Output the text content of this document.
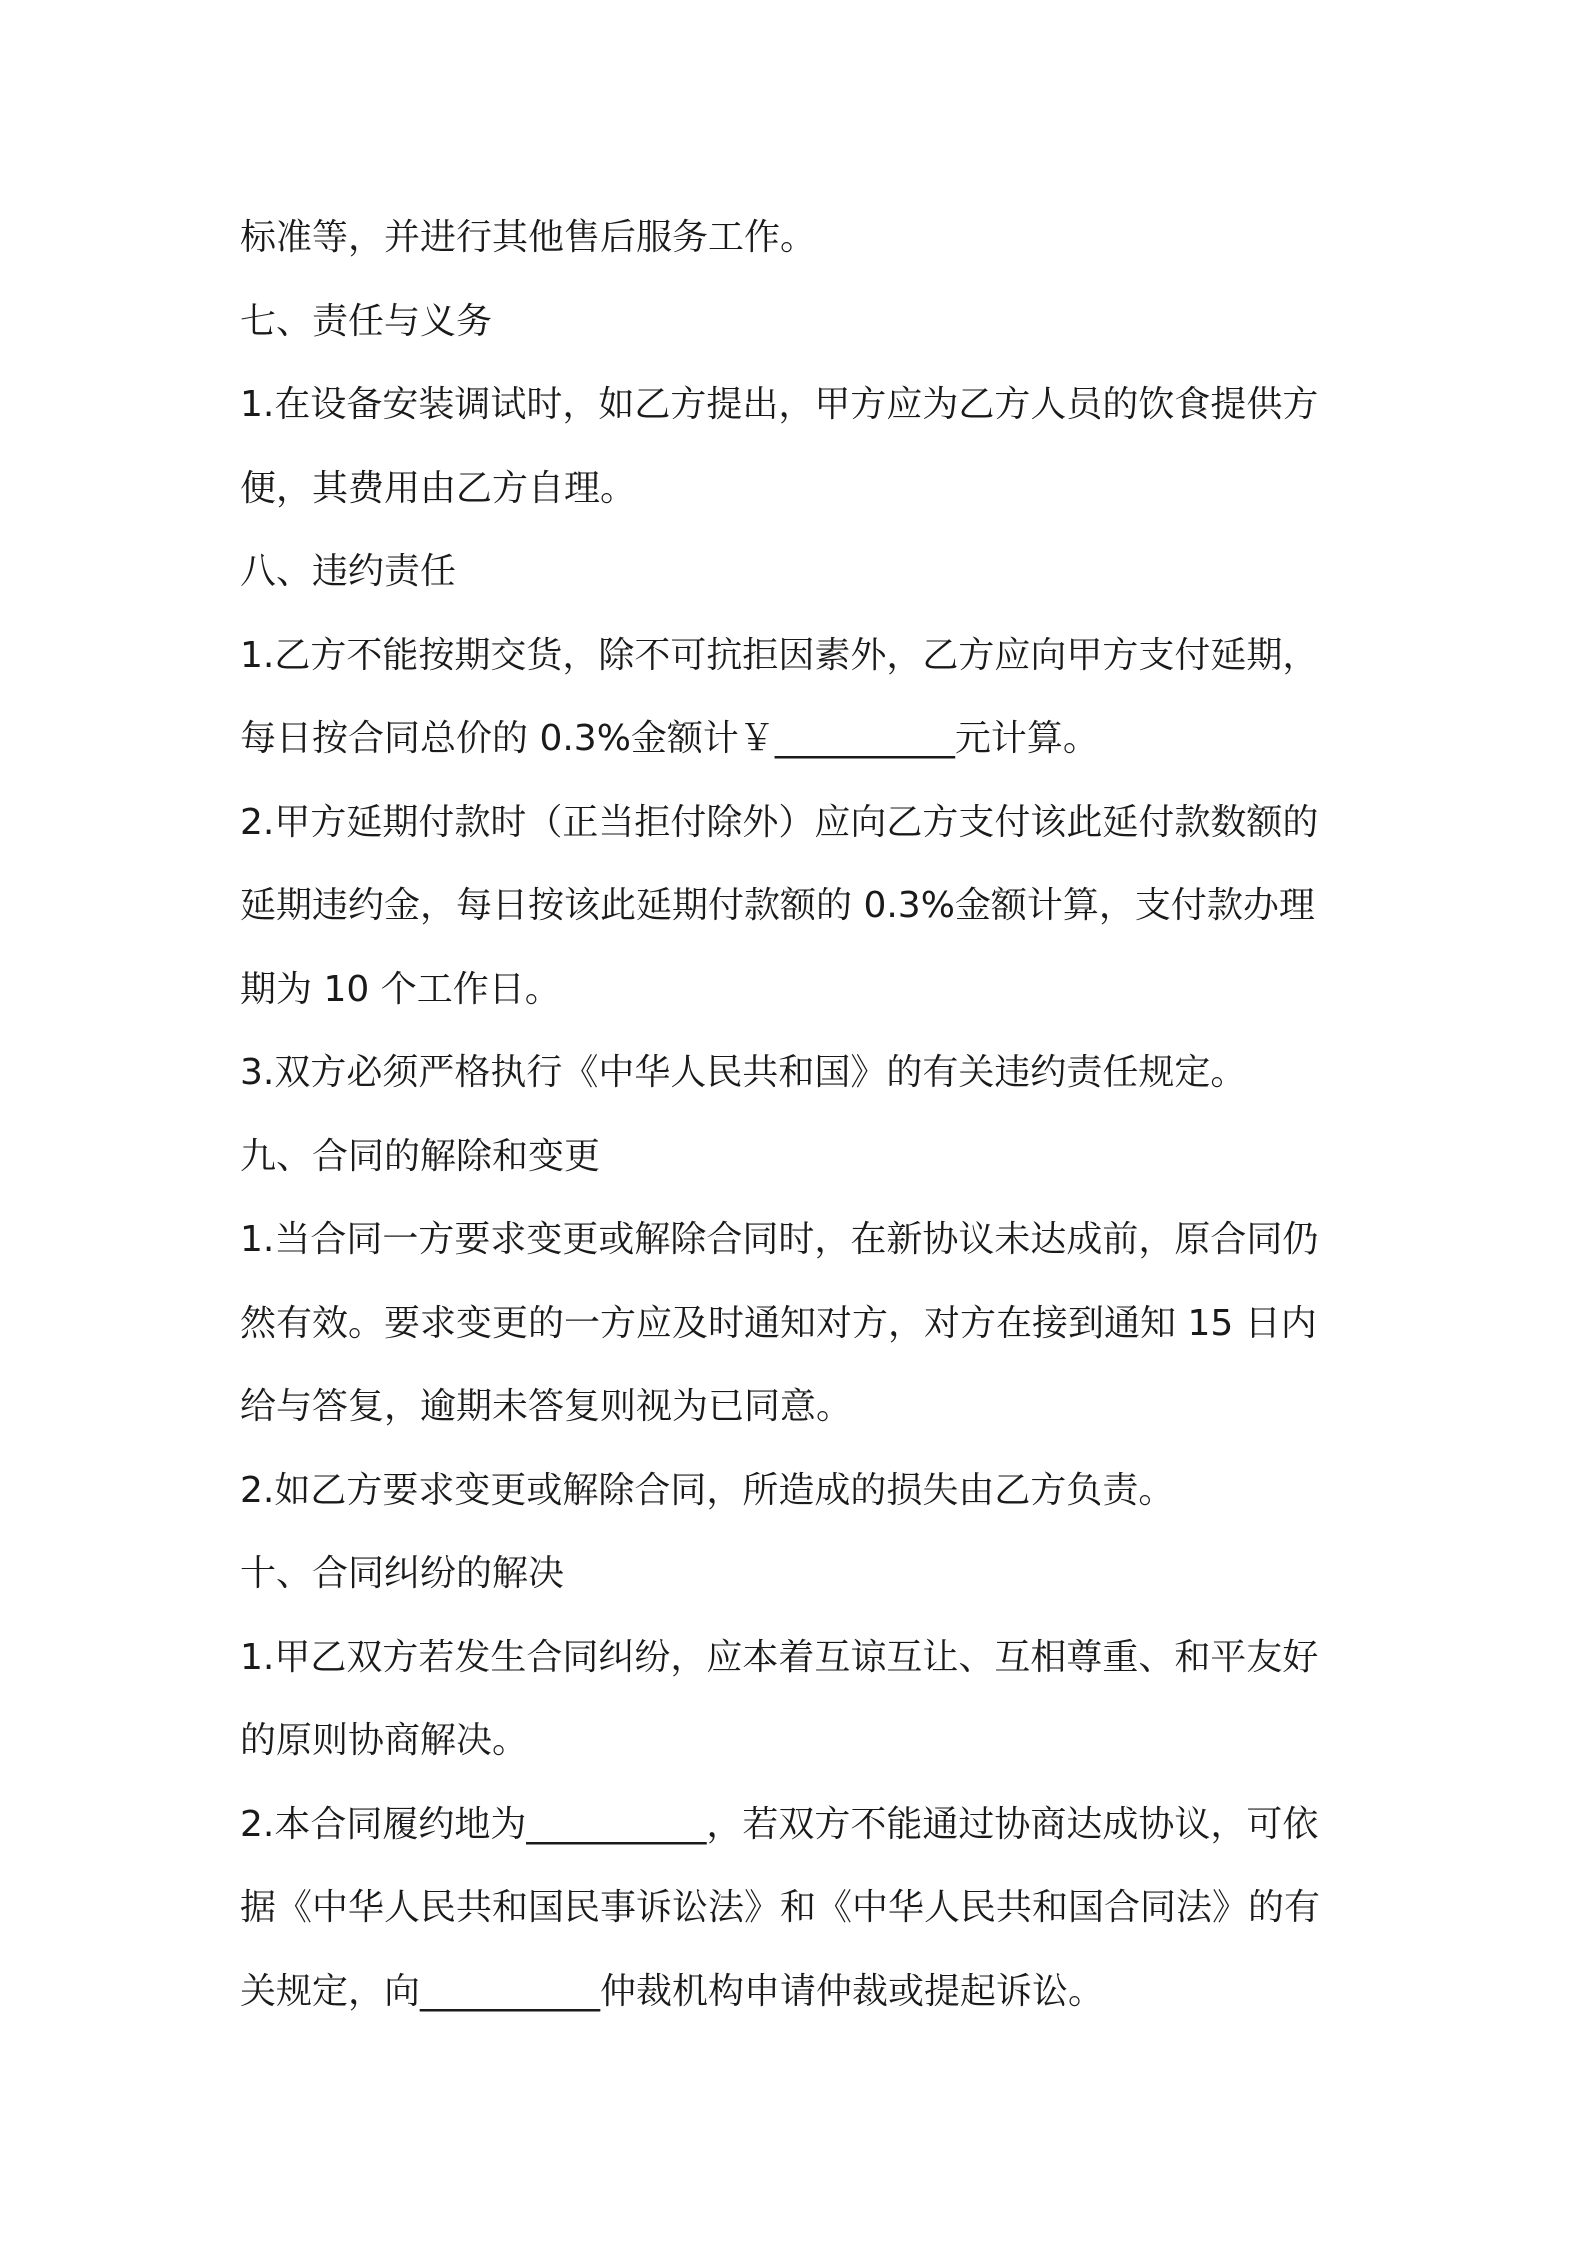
标准等，并进行其他售后服务工作。
七、责任与义务
1.在设备安装调试时，如乙方提出，甲方应为乙方人员的饮食提供方
便，其费用由乙方自理。
八、违约责任
1.乙方不能按期交货，除不可抗拒因素外，乙方应向甲方支付延期，
每日按合同总价的 0.3%金额计￥__________元计算。
2.甲方延期付款时（正当拒付除外）应向乙方支付该此延付款数额的
延期违约金，每日按该此延期付款额的 0.3%金额计算，支付款办理
期为 10 个工作日。
3.双方必须严格执行《中华人民共和国》的有关违约责任规定。
九、合同的解除和变更
1.当合同一方要求变更或解除合同时，在新协议未达成前，原合同仍
然有效。要求变更的一方应及时通知对方，对方在接到通知 15 日内
给与答复，逾期未答复则视为已同意。
2.如乙方要求变更或解除合同，所造成的损失由乙方负责。
十、合同纠纷的解决
1.甲乙双方若发生合同纠纷，应本着互谅互让、互相尊重、和平友好
的原则协商解决。
2.本合同履约地为__________，若双方不能通过协商达成协议，可依
据《中华人民共和国民事诉讼法》和《中华人民共和国合同法》的有
关规定，向__________仲裁机构申请仲裁或提起诉讼。
